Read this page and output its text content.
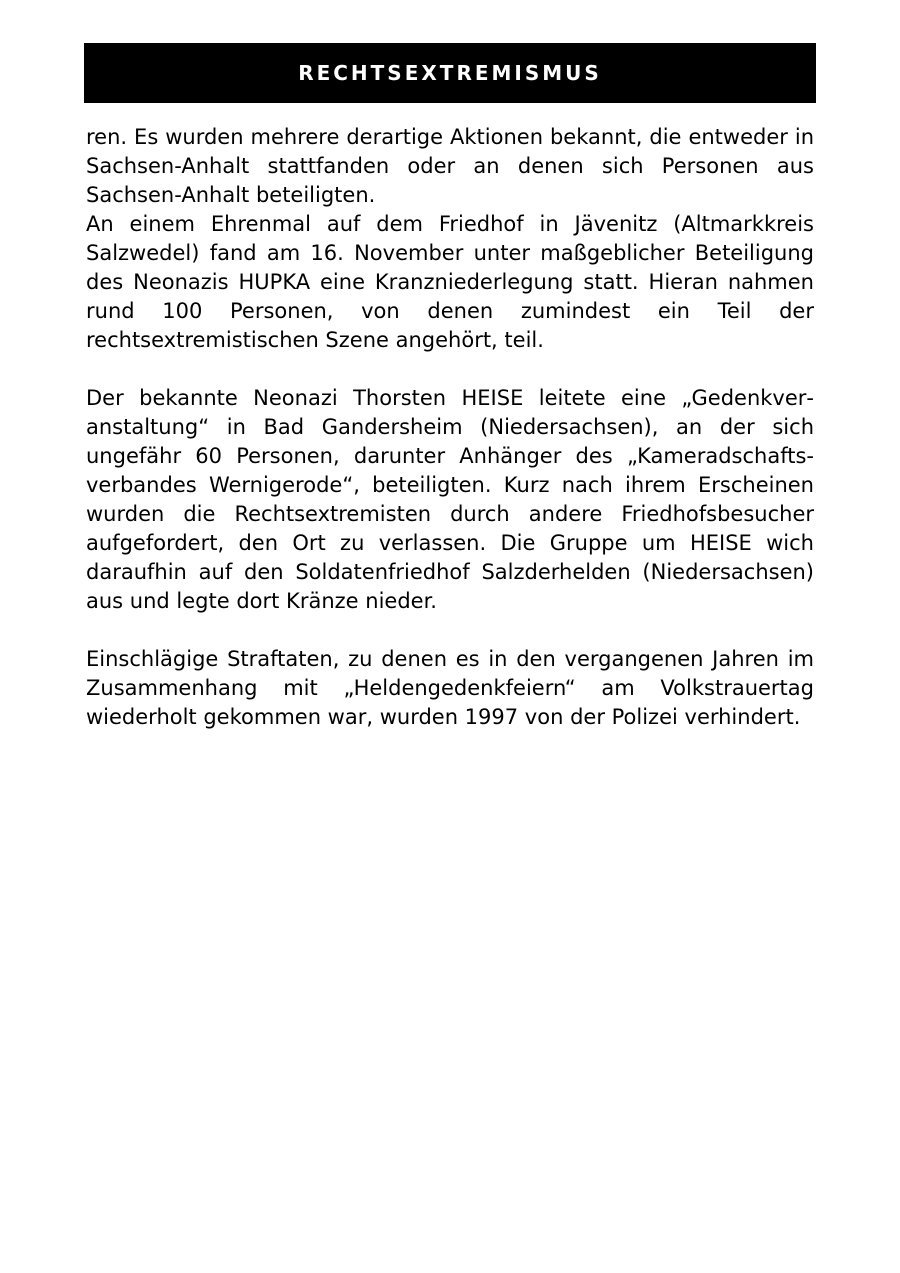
RECHTSEXTREMISMUS

ren. Es wurden mehrere derartige Aktionen bekannt, die entweder in Sachsen-Anhalt stattfanden oder an denen sich Personen aus Sachsen-Anhalt beteiligten.

An einem Ehrenmal auf dem Friedhof in Jävenitz (Altmarkkreis Salzwedel) fand am 16. November unter maßgeblicher Beteiligung des Neonazis HUPKA eine Kranzniederlegung statt. Hieran nahmen rund 100 Personen, von denen zumindest ein Teil der rechtsextremistischen Szene angehört, teil.

Der bekannte Neonazi Thorsten HEISE leitete eine „Gedenkveranstaltung“ in Bad Gandersheim (Niedersachsen), an der sich ungefähr 60 Personen, darunter Anhänger des „Kameradschaftsverbandes Wernigerode“, beteiligten. Kurz nach ihrem Erscheinen wurden die Rechtsextremisten durch andere Friedhofsbesucher aufgefordert, den Ort zu verlassen. Die Gruppe um HEISE wich daraufhin auf den Soldatenfriedhof Salzderhelden (Niedersachsen) aus und legte dort Kränze nieder.

Einschlägige Straftaten, zu denen es in den vergangenen Jahren im Zusammenhang mit „Heldengedenkfeiern“ am Volkstrauertag wiederholt gekommen war, wurden 1997 von der Polizei verhindert.
